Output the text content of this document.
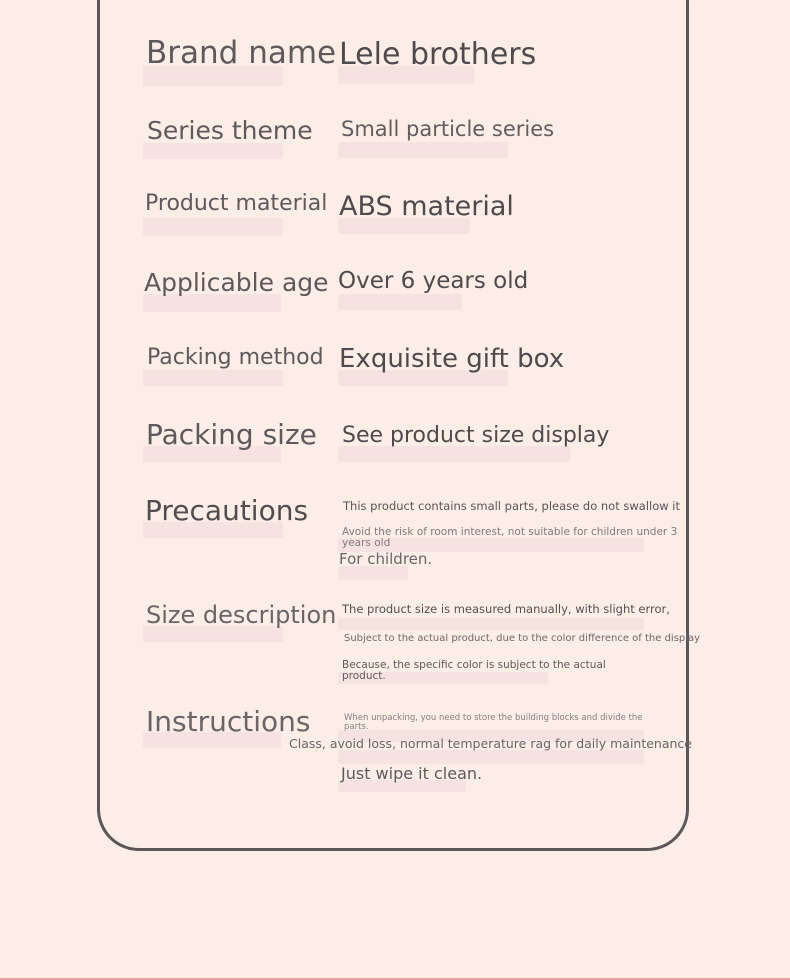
Brand name Lele brothers
Series theme Small particle series
Product material ABS material
Applicable age Over 6 years old
Packing method Exquisite gift box
Packing size See product size display
Precautions	This product contains small parts, please do not swallow it
Avoid the risk of room interest, not suitable for children under 3 years old
For children.
Size description The product size is measured manually, with slight error,
Subject to the actual product, due to the color difference of the display
Because, the specific color is subject to the actual product.
Instructions	When unpacking, you need to store the building blocks and divide the parts.
Class, avoid loss, normal temperature rag for daily maintenance
Just wipe it clean.
